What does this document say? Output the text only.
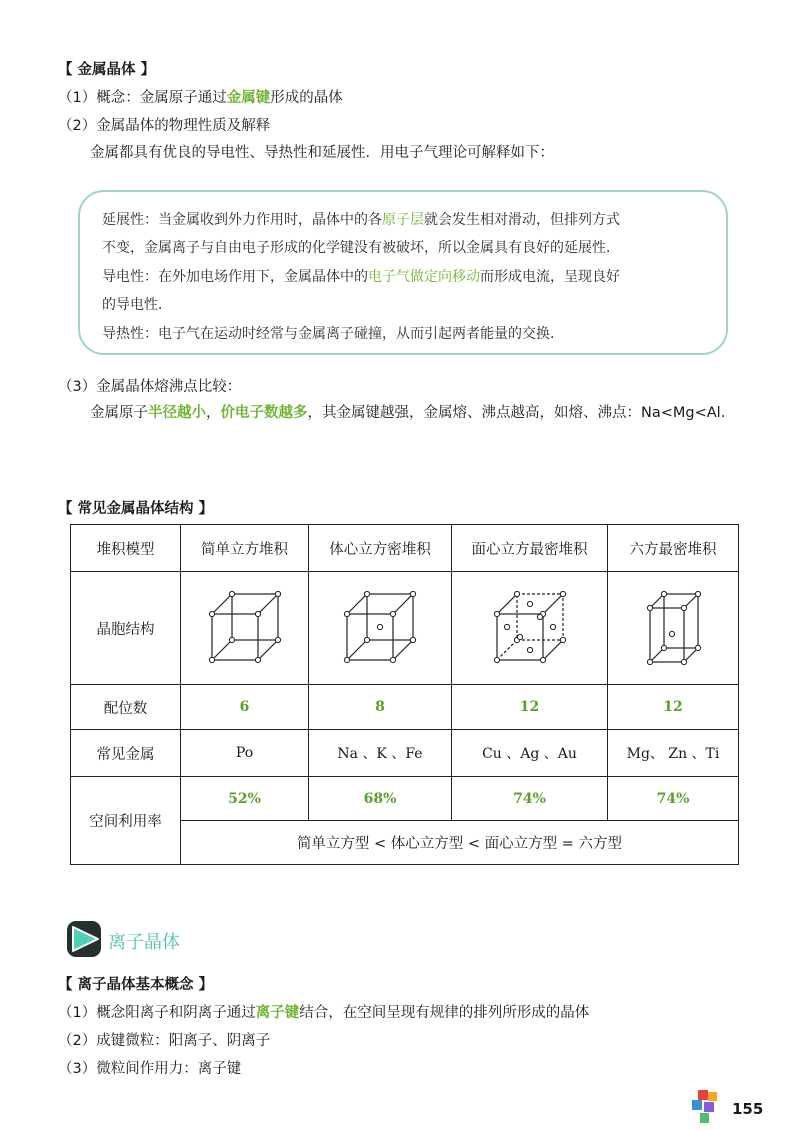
【 金属晶体 】
（1）概念：金属原子通过金属键形成的晶体
（2）金属晶体的物理性质及解释
金属都具有优良的导电性、导热性和延展性．用电子气理论可解释如下：
延展性：当金属收到外力作用时，晶体中的各原子层就会发生相对滑动，但排列方式
不变，金属离子与自由电子形成的化学键没有被破坏，所以金属具有良好的延展性．
导电性：在外加电场作用下，金属晶体中的电子气做定向移动而形成电流，呈现良好
的导电性．
导热性：电子气在运动时经常与金属离子碰撞，从而引起两者能量的交换．
（3）金属晶体熔沸点比较：
金属原子半径越小，价电子数越多，其金属键越强，金属熔、沸点越高，如熔、沸点：Na<Mg<Al．
【 常见金属晶体结构 】
堆积模型	简单立方堆积	体心立方密堆积	面心立方最密堆积	六方最密堆积
晶胞结构				
配位数	6	8	12	12
常见金属	Po	Na 、K 、Fe	Cu 、Ag 、Au	Mg、 Zn 、Ti
空间利用率	52%	68%	74%	74%
	简单立方型 < 体心立方型 < 面心立方型 = 六方型			
离子晶体
【 离子晶体基本概念 】
（1）概念阳离子和阴离子通过离子键结合，在空间呈现有规律的排列所形成的晶体
（2）成键微粒：阳离子、阴离子
（3）微粒间作用力：离子键
155
